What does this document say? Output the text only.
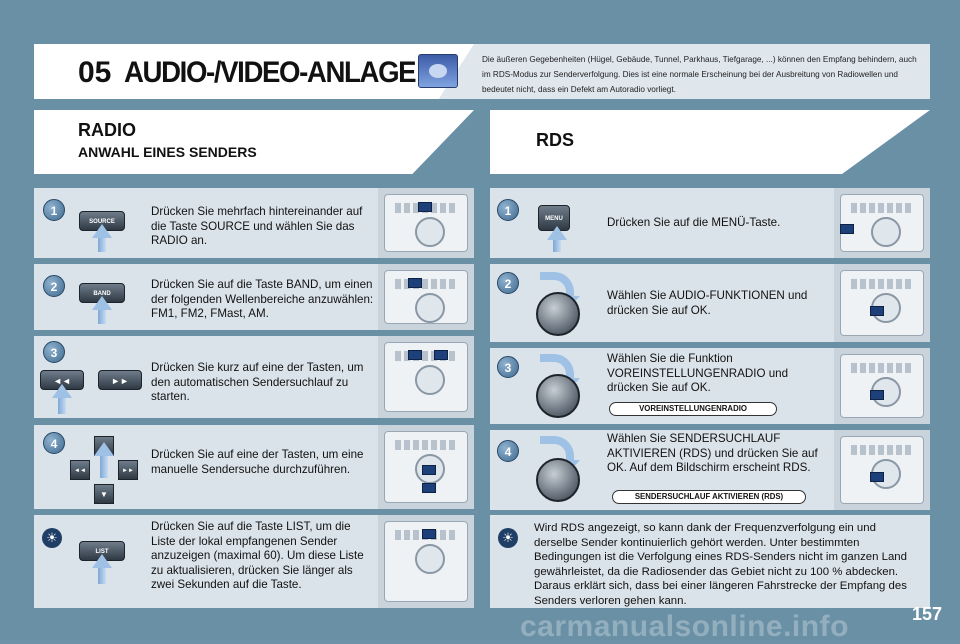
05 AUDIO-/VIDEO-ANLAGE	Die äußeren Gegebenheiten (Hügel, Gebäude, Tunnel, Parkhaus, Tiefgarage, ...) können den Empfang behindern, auch im RDS-Modus zur Senderverfolgung. Dies ist eine normale Erscheinung bei der Ausbreitung von Radiowellen und bedeutet nicht, dass ein Defekt am Autoradio vorliegt.
RADIO
ANWAHL EINES SENDERS
RDS
1
SOURCE
Drücken Sie mehrfach hintereinander auf die Taste SOURCE und wählen Sie das RADIO an.
2	BAND
Drücken Sie auf die Taste BAND, um einen der folgenden Wellenbereiche anzuwählen: FM1, FM2, FMast, AM.
3
◄◄	►►
Drücken Sie kurz auf eine der Tasten, um den automatischen Sendersuchlauf zu starten.
4	▲
◄◄	►►
▼
Drücken Sie auf eine der Tasten, um eine manuelle Sendersuche durchzuführen.
☀
LIST
Drücken Sie auf die Taste LIST, um die Liste der lokal empfangenen Sender anzuzeigen (maximal 60). Um diese Liste zu aktualisieren, drücken Sie länger als zwei Sekunden auf die Taste.
1
MENU	Drücken Sie auf die MENÜ-Taste.
2
Wählen Sie AUDIO-FUNKTIONEN und drücken Sie auf OK.
3
Wählen Sie die Funktion VOREINSTELLUNGENRADIO und drücken Sie auf OK.
VOREINSTELLUNGENRADIO
4
Wählen Sie SENDERSUCHLAUF AKTIVIEREN (RDS) und drücken Sie auf OK. Auf dem Bildschirm erscheint RDS.
SENDERSUCHLAUF AKTIVIEREN (RDS)
☀
Wird RDS angezeigt, so kann dank der Frequenzverfolgung ein und derselbe Sender kontinuierlich gehört werden. Unter bestimmten Bedingungen ist die Verfolgung eines RDS-Senders nicht im ganzen Land gewährleistet, da die Radiosender das Gebiet nicht zu 100 % abdecken. Daraus erklärt sich, dass bei einer längeren Fahrstrecke der Empfang des Senders verloren gehen kann.
carmanualsonline.info	157
